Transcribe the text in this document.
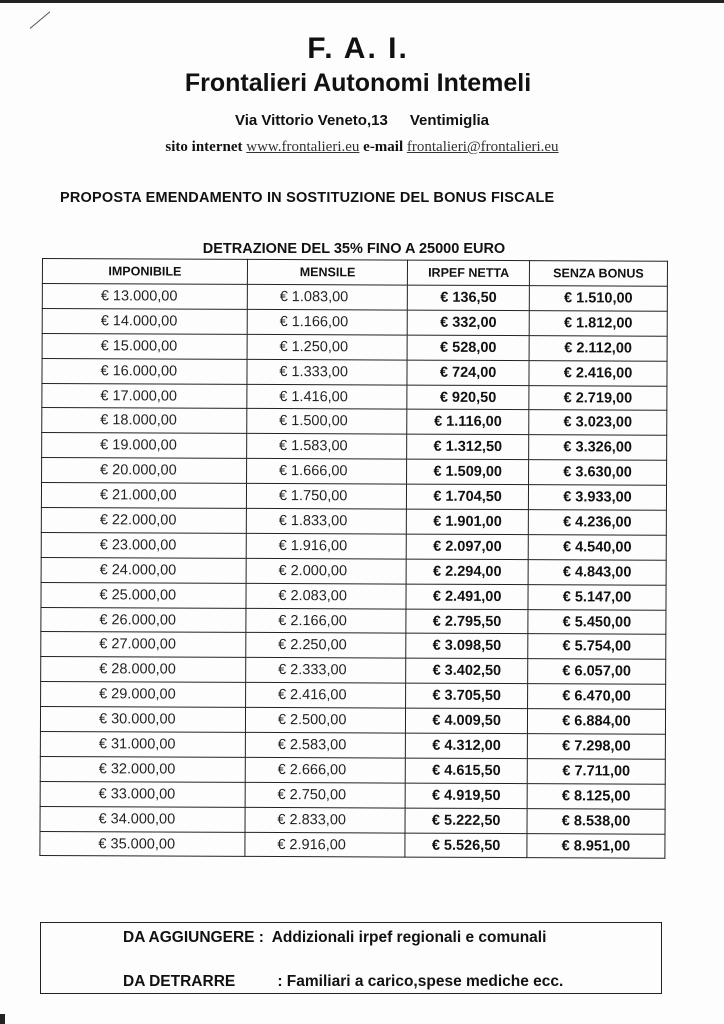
F. A. I.
Frontalieri Autonomi Intemeli
Via Vittorio Veneto,13 Ventimiglia
sito internet www.frontalieri.eu e-mail frontalieri@frontalieri.eu
PROPOSTA EMENDAMENTO IN SOSTITUZIONE DEL BONUS FISCALE
DETRAZIONE DEL 35% FINO A 25000 EURO
IMPONIBILE	MENSILE	IRPEF NETTA	SENZA BONUS
€ 13.000,00	€ 1.083,00	€ 136,50	€ 1.510,00
€ 14.000,00	€ 1.166,00	€ 332,00	€ 1.812,00
€ 15.000,00	€ 1.250,00	€ 528,00	€ 2.112,00
€ 16.000,00	€ 1.333,00	€ 724,00	€ 2.416,00
€ 17.000,00	€ 1.416,00	€ 920,50	€ 2.719,00
€ 18.000,00	€ 1.500,00	€ 1.116,00	€ 3.023,00
€ 19.000,00	€ 1.583,00	€ 1.312,50	€ 3.326,00
€ 20.000,00	€ 1.666,00	€ 1.509,00	€ 3.630,00
€ 21.000,00	€ 1.750,00	€ 1.704,50	€ 3.933,00
€ 22.000,00	€ 1.833,00	€ 1.901,00	€ 4.236,00
€ 23.000,00	€ 1.916,00	€ 2.097,00	€ 4.540,00
€ 24.000,00	€ 2.000,00	€ 2.294,00	€ 4.843,00
€ 25.000,00	€ 2.083,00	€ 2.491,00	€ 5.147,00
€ 26.000,00	€ 2.166,00	€ 2.795,50	€ 5.450,00
€ 27.000,00	€ 2.250,00	€ 3.098,50	€ 5.754,00
€ 28.000,00	€ 2.333,00	€ 3.402,50	€ 6.057,00
€ 29.000,00	€ 2.416,00	€ 3.705,50	€ 6.470,00
€ 30.000,00	€ 2.500,00	€ 4.009,50	€ 6.884,00
€ 31.000,00	€ 2.583,00	€ 4.312,00	€ 7.298,00
€ 32.000,00	€ 2.666,00	€ 4.615,50	€ 7.711,00
€ 33.000,00	€ 2.750,00	€ 4.919,50	€ 8.125,00
€ 34.000,00	€ 2.833,00	€ 5.222,50	€ 8.538,00
€ 35.000,00	€ 2.916,00	€ 5.526,50	€ 8.951,00
DA AGGIUNGERE : Addizionali irpef regionali e comunali
DA DETRARRE	: Familiari a carico,spese mediche ecc.
